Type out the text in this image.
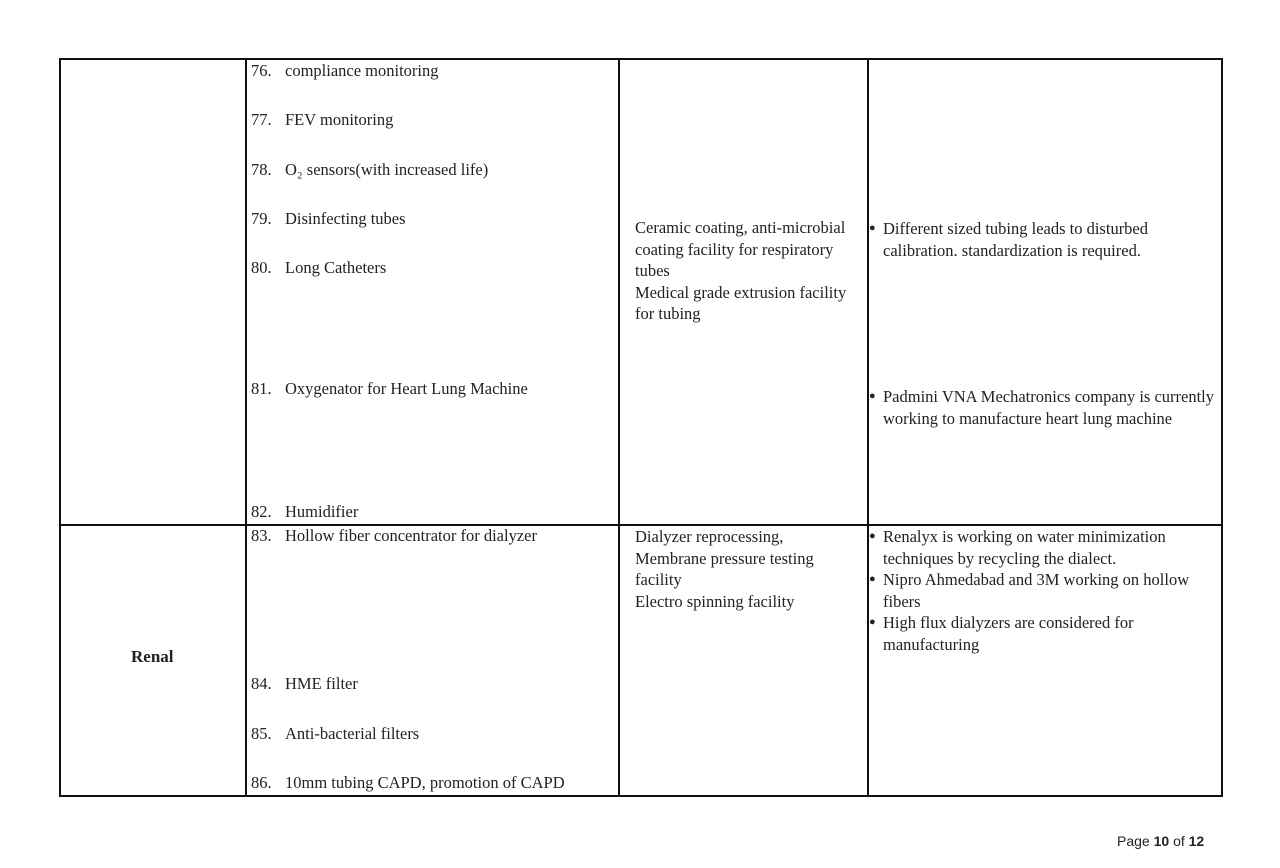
76. compliance monitoring
77. FEV monitoring
78. O₂ sensors(with increased life)
79. Disinfecting tubes
80. Long Catheters
81. Oxygenator for Heart Lung Machine
82. Humidifier
Ceramic coating, anti-microbial coating facility for respiratory tubes
Medical grade extrusion facility for tubing
● Different sized tubing leads to disturbed calibration. standardization is required.
● Padmini VNA Mechatronics company is currently working to manufacture heart lung machine
83. Hollow fiber concentrator for dialyzer
84. HME filter
85. Anti-bacterial filters
86. 10mm tubing CAPD, promotion of CAPD
Dialyzer reprocessing,
Membrane pressure testing facility
Electro spinning facility
● Renalyx is working on water minimization techniques by recycling the dialect.
● Nipro Ahmedabad and 3M working on hollow fibers
● High flux dialyzers are considered for manufacturing
Renal
Page 10 of 12
